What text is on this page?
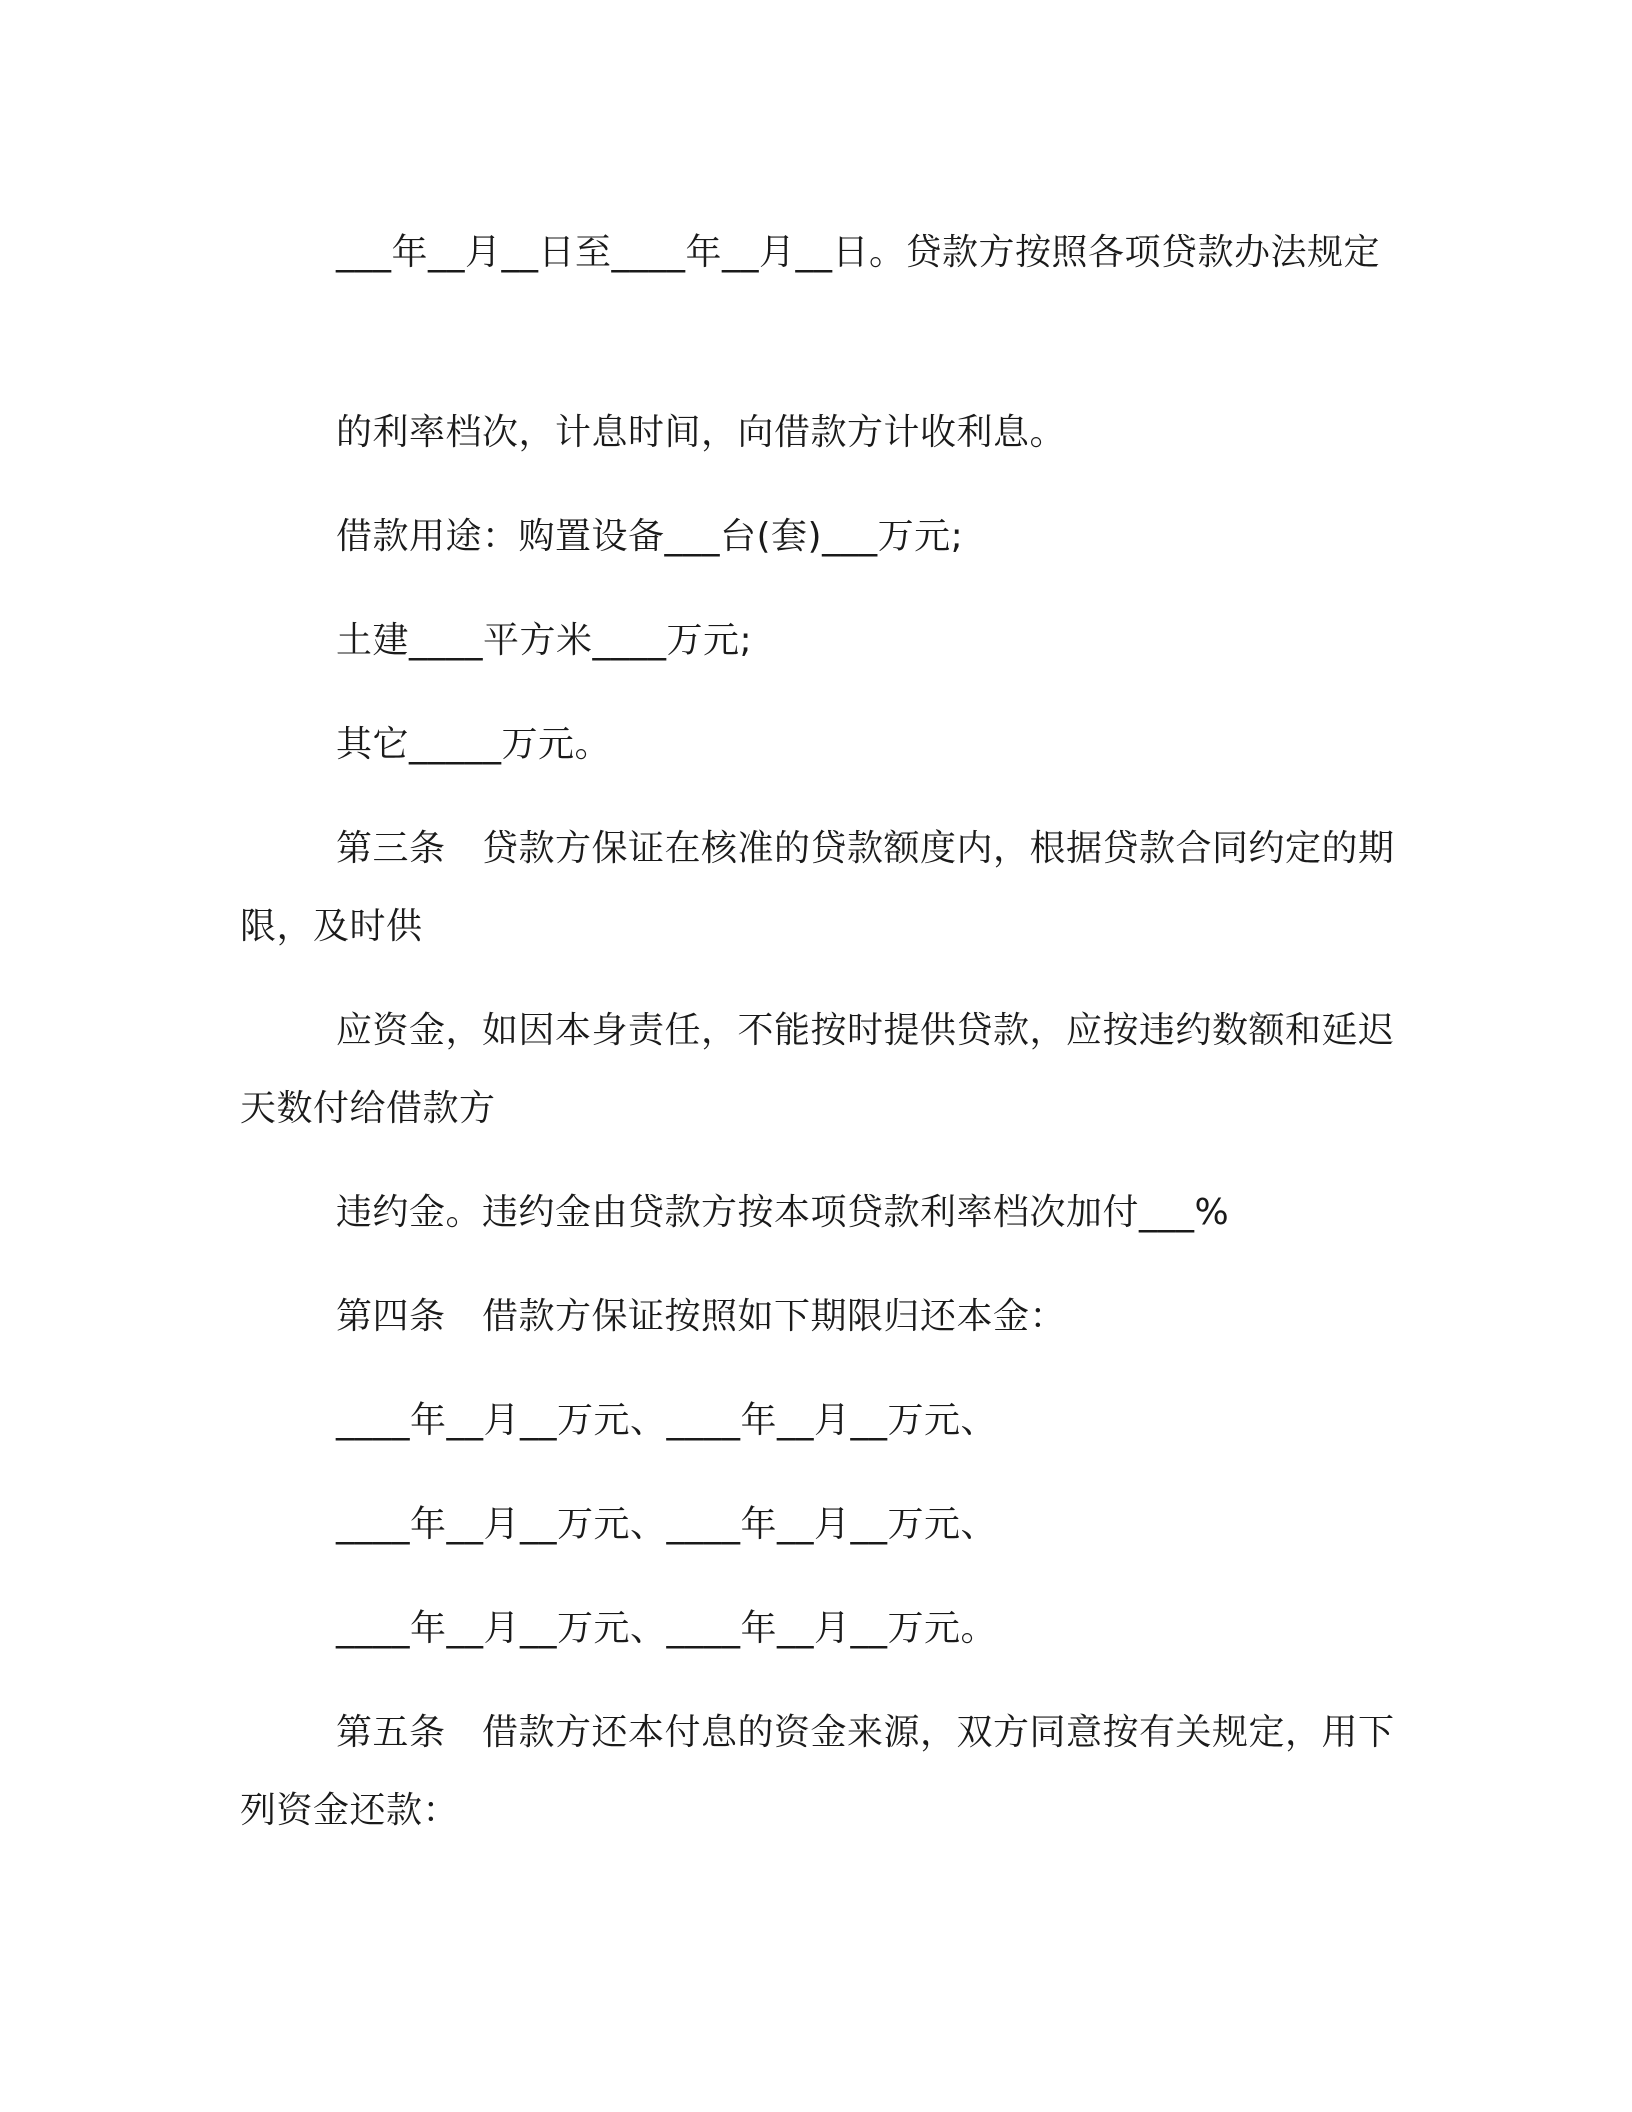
___年__月__日至____年__月__日。贷款方按照各项贷款办法规定

的利率档次，计息时间，向借款方计收利息。

借款用途：购置设备___台(套)___万元;

土建____平方米____万元;

其它_____万元。

第三条　贷款方保证在核准的贷款额度内，根据贷款合同约定的期限，及时供

应资金，如因本身责任，不能按时提供贷款，应按违约数额和延迟天数付给借款方

违约金。违约金由贷款方按本项贷款利率档次加付___%

第四条　借款方保证按照如下期限归还本金：

____年__月__万元、____年__月__万元、

____年__月__万元、____年__月__万元、

____年__月__万元、____年__月__万元。

第五条　借款方还本付息的资金来源，双方同意按有关规定，用下列资金还款：
